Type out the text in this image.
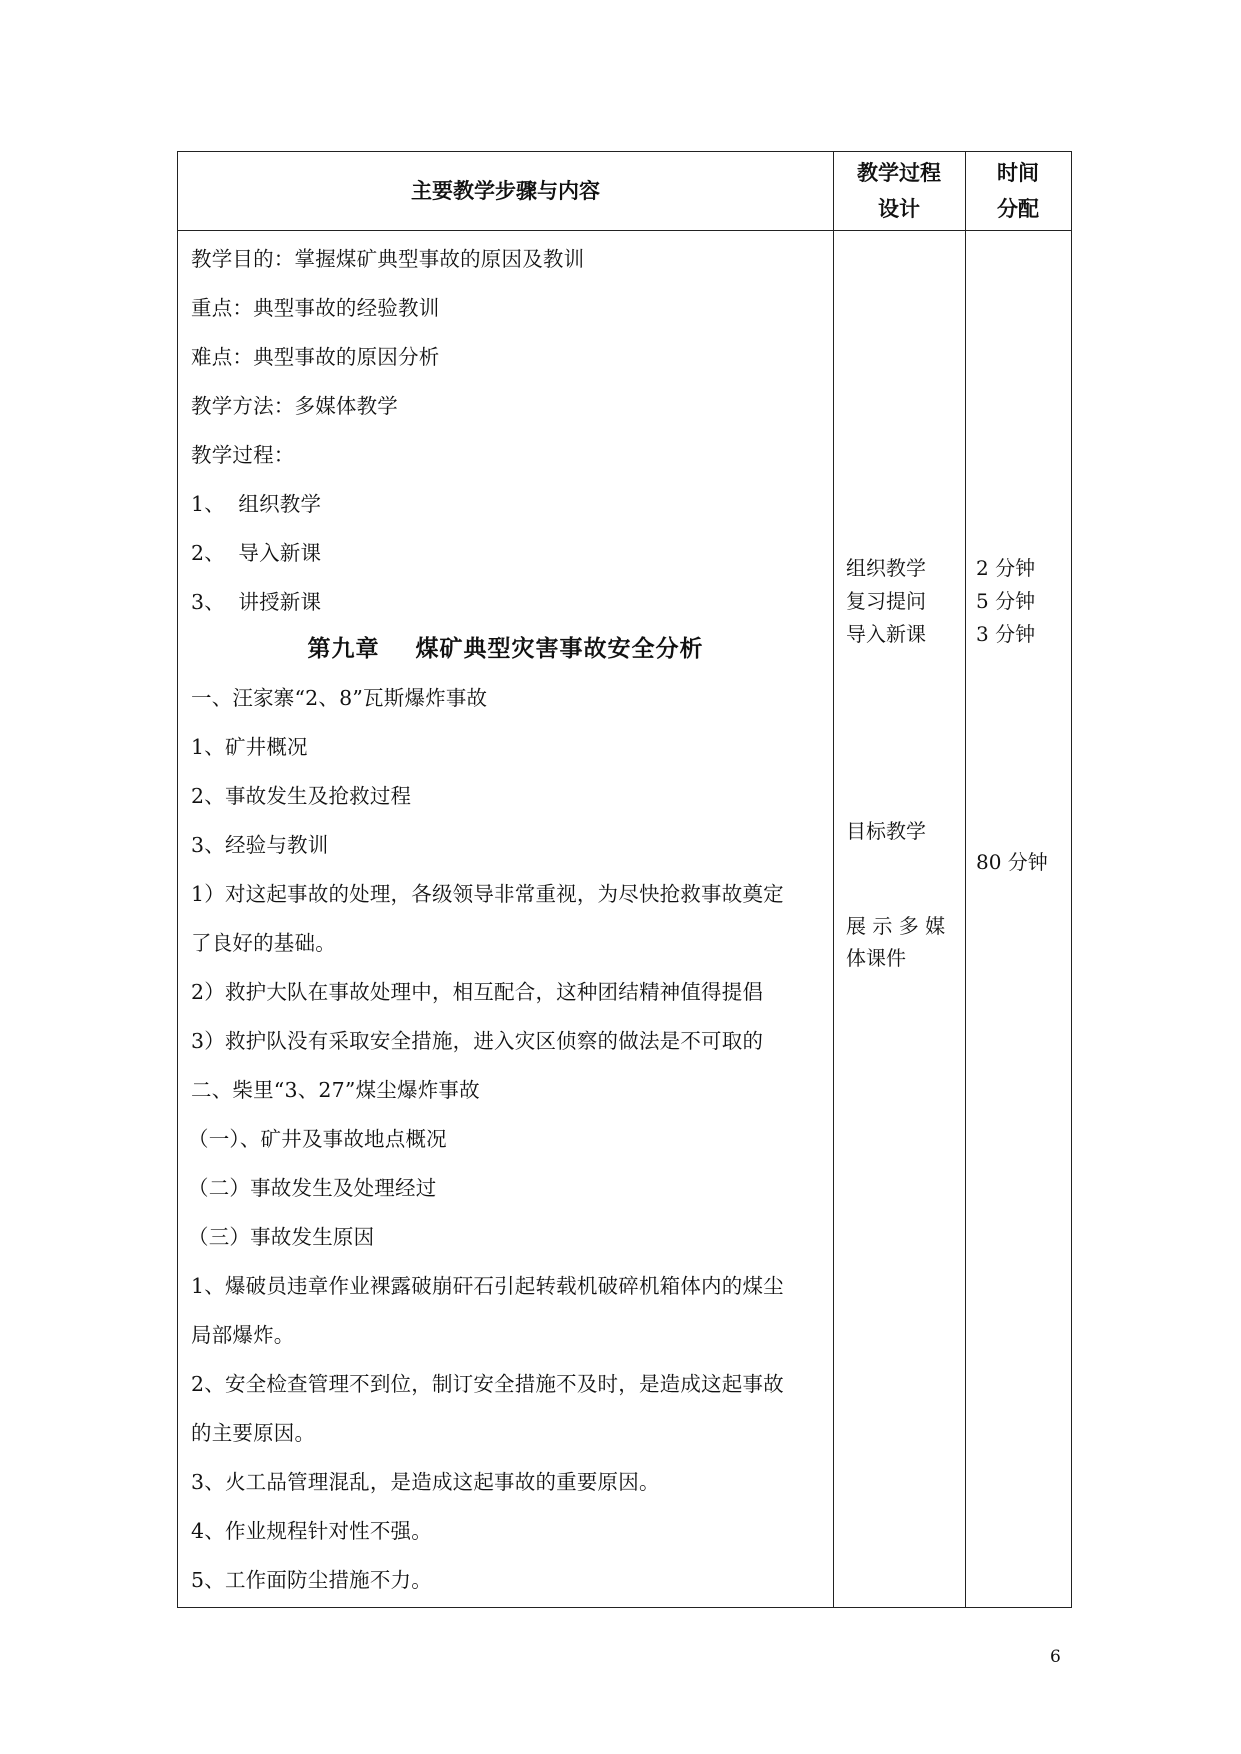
主要教学步骤与内容
教学过程
设计
时间
分配
教学目的：掌握煤矿典型事故的原因及教训
重点：典型事故的经验教训
难点：典型事故的原因分析
教学方法：多媒体教学
教学过程：
1、  组织教学
2、  导入新课
3、  讲授新课
第九章    煤矿典型灾害事故安全分析
一、汪家寨“2、8”瓦斯爆炸事故
1、矿井概况
2、事故发生及抢救过程
3、经验与教训
1）对这起事故的处理，各级领导非常重视，为尽快抢救事故奠定
了良好的基础。
2）救护大队在事故处理中，相互配合，这种团结精神值得提倡
3）救护队没有采取安全措施，进入灾区侦察的做法是不可取的
二、柴里“3、27”煤尘爆炸事故
（一）、矿井及事故地点概况
（二）事故发生及处理经过
（三）事故发生原因
1、爆破员违章作业裸露破崩矸石引起转载机破碎机箱体内的煤尘
局部爆炸。
2、安全检查管理不到位，制订安全措施不及时，是造成这起事故
的主要原因。
3、火工品管理混乱，是造成这起事故的重要原因。
4、作业规程针对性不强。
5、工作面防尘措施不力。
组织教学
复习提问
导入新课
目标教学
展 示 多 媒
体课件
2 分钟
5 分钟
3 分钟
80 分钟
6
